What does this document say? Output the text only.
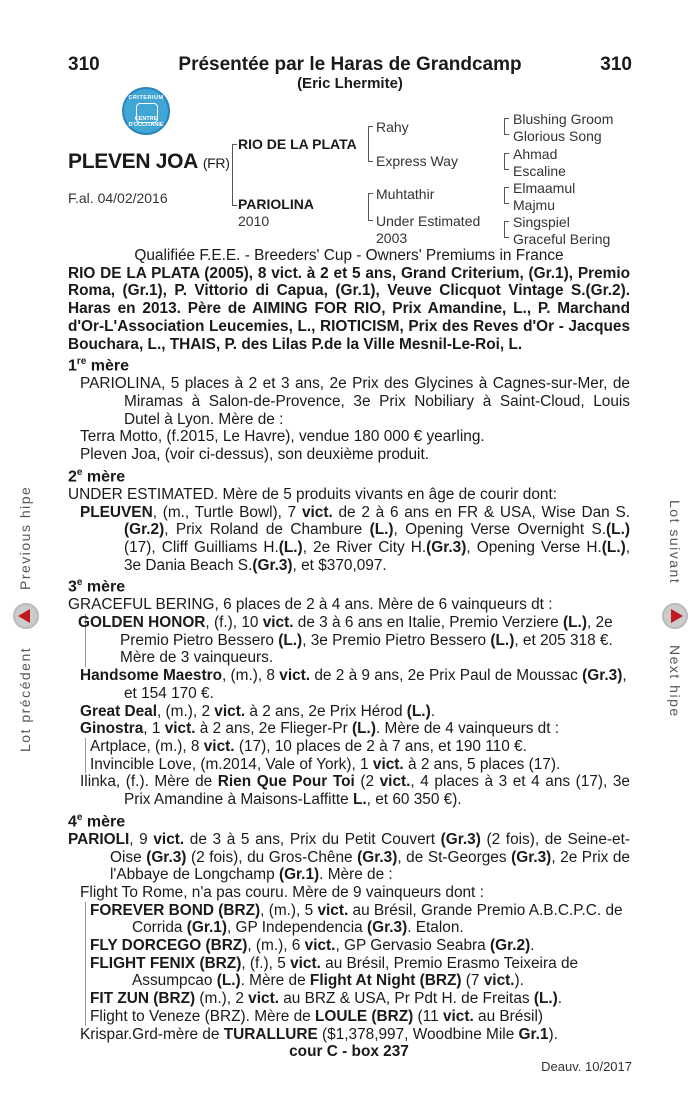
310	310
Présentée par le Haras de Grandcamp
(Eric Lhermite)
CRITERIUM
CENTRE D'OCCITANIE
PLEVEN JOA (FR)
F.al. 04/02/2016
RIO DE LA PLATA
PARIOLINA
2010
Rahy
Express Way
Muhtathir
Under Estimated
2003
Blushing Groom
Glorious Song
Ahmad
Escaline
Elmaamul
Majmu
Singspiel
Graceful Bering

Qualifiée F.E.E. - Breeders' Cup - Owners' Premiums in France

RIO DE LA PLATA (2005), 8 vict. à 2 et 5 ans, Grand Criterium, (Gr.1), Premio Roma, (Gr.1), P. Vittorio di Capua, (Gr.1), Veuve Clicquot Vintage S.(Gr.2). Haras en 2013. Père de AIMING FOR RIO, Prix Amandine, L., P. Marchand d'Or-L'Association Leucemies, L., RIOTICISM, Prix des Reves d'Or - Jacques Bouchara, L., THAIS, P. des Lilas P.de la Ville Mesnil-Le-Roi, L.

1re mère

PARIOLINA, 5 places à 2 et 3 ans, 2e Prix des Glycines à Cagnes-sur-Mer, de Miramas à Salon-de-Provence, 3e Prix Nobiliary à Saint-Cloud, Louis Dutel à Lyon. Mère de :

Terra Motto, (f.2015, Le Havre), vendue 180 000 € yearling.

Pleven Joa, (voir ci-dessus), son deuxième produit.

2e mère

UNDER ESTIMATED. Mère de 5 produits vivants en âge de courir dont:

PLEUVEN, (m., Turtle Bowl), 7 vict. de 2 à 6 ans en FR & USA, Wise Dan S.(Gr.2), Prix Roland de Chambure (L.), Opening Verse Overnight S.(L.) (17), Cliff Guilliams H.(L.), 2e River City H.(Gr.3), Opening Verse H.(L.), 3e Dania Beach S.(Gr.3), et $370,097.

3e mère

GRACEFUL BERING, 6 places de 2 à 4 ans. Mère de 6 vainqueurs dt :

GOLDEN HONOR, (f.), 10 vict. de 3 à 6 ans en Italie, Premio Verziere (L.), 2e Premio Pietro Bessero (L.), 3e Premio Pietro Bessero (L.), et 205 318 €. Mère de 3 vainqueurs.

Handsome Maestro, (m.), 8 vict. de 2 à 9 ans, 2e Prix Paul de Moussac (Gr.3), et 154 170 €.

Great Deal, (m.), 2 vict. à 2 ans, 2e Prix Hérod (L.).

Ginostra, 1 vict. à 2 ans, 2e Flieger-Pr (L.). Mère de 4 vainqueurs dt :

Artplace, (m.), 8 vict. (17), 10 places de 2 à 7 ans, et 190 110 €.

Invincible Love, (m.2014, Vale of York), 1 vict. à 2 ans, 5 places (17).

Ilinka, (f.). Mère de Rien Que Pour Toi (2 vict., 4 places à 3 et 4 ans (17), 3e Prix Amandine à Maisons-Laffitte L., et 60 350 €).

4e mère

PARIOLI, 9 vict. de 3 à 5 ans, Prix du Petit Couvert (Gr.3) (2 fois), de Seine-et-Oise (Gr.3) (2 fois), du Gros-Chêne (Gr.3), de St-Georges (Gr.3), 2e Prix de l'Abbaye de Longchamp (Gr.1). Mère de :

Flight To Rome, n'a pas couru. Mère de 9 vainqueurs dont :

FOREVER BOND (BRZ), (m.), 5 vict. au Brésil, Grande Premio A.B.C.P.C. de Corrida (Gr.1), GP Independencia (Gr.3). Etalon.

FLY DORCEGO (BRZ), (m.), 6 vict., GP Gervasio Seabra (Gr.2).

FLIGHT FENIX (BRZ), (f.), 5 vict. au Brésil, Premio Erasmo Teixeira de Assumpcao (L.). Mère de Flight At Night (BRZ) (7 vict.).

FIT ZUN (BRZ) (m.), 2 vict. au BRZ & USA, Pr Pdt H. de Freitas (L.).

Flight to Veneze (BRZ). Mère de LOULE (BRZ) (11 vict. au Brésil)

Krispar.Grd-mère de TURALLURE ($1,378,997, Woodbine Mile Gr.1).

cour C - box 237

Deauv. 10/2017
Previous hipe
Lot précédent
Lot suivant
Next hipe
